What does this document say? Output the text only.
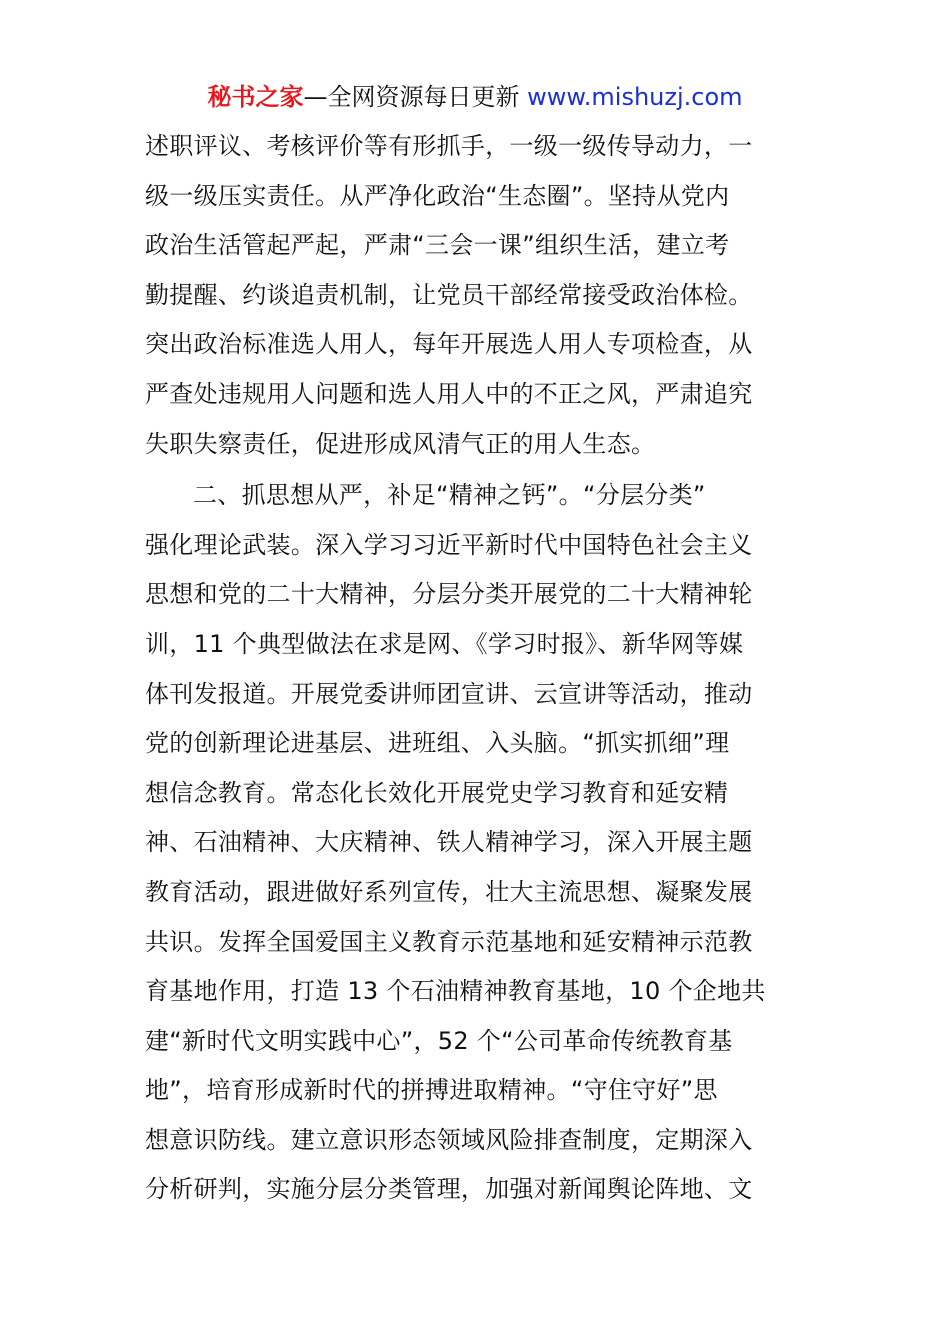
秘书之家—全网资源每日更新 www.mishuzj.com
述职评议、考核评价等有形抓手，一级一级传导动力，一
级一级压实责任。从严净化政治“生态圈”。坚持从党内
政治生活管起严起，严肃“三会一课”组织生活，建立考
勤提醒、约谈追责机制，让党员干部经常接受政治体检。
突出政治标准选人用人，每年开展选人用人专项检查，从
严查处违规用人问题和选人用人中的不正之风，严肃追究
失职失察责任，促进形成风清气正的用人生态。
二、抓思想从严，补足“精神之钙”。“分层分类”
强化理论武装。深入学习习近平新时代中国特色社会主义
思想和党的二十大精神，分层分类开展党的二十大精神轮
训，11 个典型做法在求是网、《学习时报》、新华网等媒
体刊发报道。开展党委讲师团宣讲、云宣讲等活动，推动
党的创新理论进基层、进班组、入头脑。“抓实抓细”理
想信念教育。常态化长效化开展党史学习教育和延安精
神、石油精神、大庆精神、铁人精神学习，深入开展主题
教育活动，跟进做好系列宣传，壮大主流思想、凝聚发展
共识。发挥全国爱国主义教育示范基地和延安精神示范教
育基地作用，打造 13 个石油精神教育基地，10 个企地共
建“新时代文明实践中心”，52 个“公司革命传统教育基
地”，培育形成新时代的拼搏进取精神。“守住守好”思
想意识防线。建立意识形态领域风险排查制度，定期深入
分析研判，实施分层分类管理，加强对新闻舆论阵地、文
